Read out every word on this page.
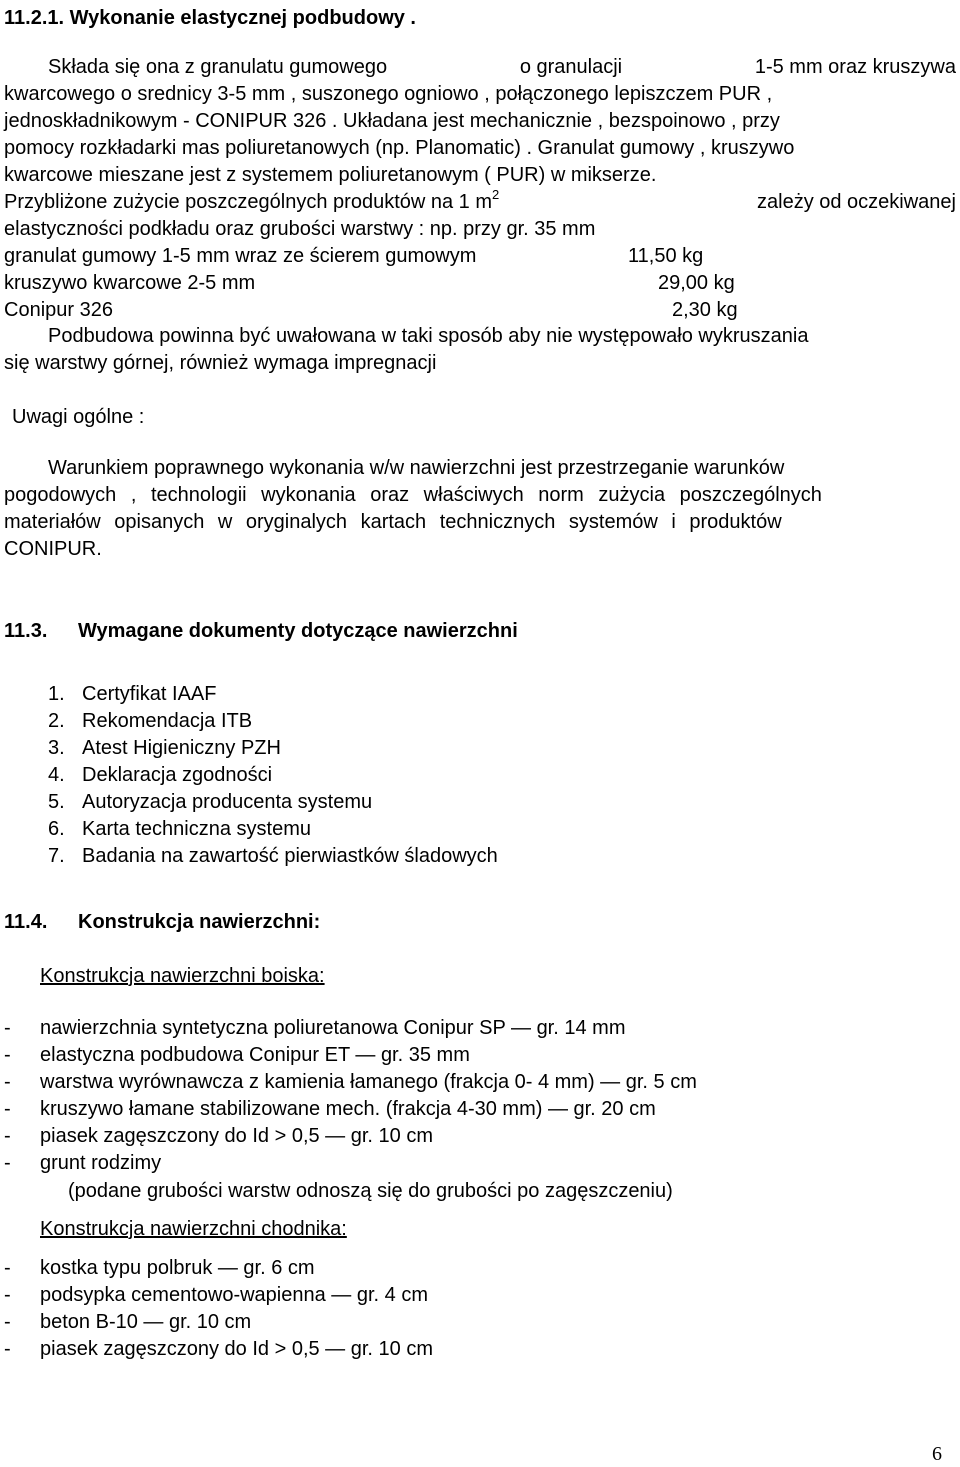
11.2.1. Wykonanie elastycznej podbudowy .
Składa się ona z granulatu gumowego	o granulacji	1-5 mm oraz kruszywa
kwarcowego o srednicy 3-5 mm , suszonego ogniowo , połączonego lepiszczem PUR ,
jednoskładnikowym - CONIPUR 326 . Układana jest mechanicznie , bezspoinowo , przy
pomocy rozkładarki mas poliuretanowych (np. Planomatic) . Granulat gumowy , kruszywo
kwarcowe mieszane jest z systemem poliuretanowym ( PUR) w mikserze.
Przybliżone zużycie poszczególnych produktów na 1 $m^2$	zależy od oczekiwanej
elastyczności podkładu oraz grubości warstwy : np. przy gr. 35 mm
granulat gumowy 1-5 mm wraz ze ścierem gumowym	11,50 kg
kruszywo kwarcowe 2-5 mm	29,00 kg
Conipur 326	2,30 kg
Podbudowa powinna być uwałowana w taki sposób aby nie występowało wykruszania
się warstwy górnej, również wymaga impregnacji
Uwagi ogólne :
Warunkiem poprawnego wykonania w/w nawierzchni jest przestrzeganie warunków
pogodowych , technologii wykonania oraz właściwych norm zużycia poszczególnych
materiałów opisanych w oryginalych kartach technicznych systemów i produktów
CONIPUR.
11.3. Wymagane dokumenty dotyczące nawierzchni
1. Certyfikat IAAF
2. Rekomendacja ITB
3. Atest Higieniczny PZH
4. Deklaracja zgodności
5. Autoryzacja producenta systemu
6. Karta techniczna systemu
7. Badania na zawartość pierwiastków śladowych
11.4. Konstrukcja nawierzchni:
Konstrukcja nawierzchni boiska:
- nawierzchnia syntetyczna poliuretanowa Conipur SP — gr. 14 mm
- elastyczna podbudowa Conipur ET — gr. 35 mm
- warstwa wyrównawcza z kamienia łamanego (frakcja 0- 4 mm) — gr. 5 cm
- kruszywo łamane stabilizowane mech. (frakcja 4-30 mm) — gr. 20 cm
- piasek zagęszczony do Id > 0,5 — gr. 10 cm
- grunt rodzimy
(podane grubości warstw odnoszą się do grubości po zagęszczeniu)
Konstrukcja nawierzchni chodnika:
- kostka typu polbruk — gr. 6 cm
- podsypka cementowo-wapienna — gr. 4 cm
- beton B-10 — gr. 10 cm
- piasek zagęszczony do Id > 0,5 — gr. 10 cm
6
